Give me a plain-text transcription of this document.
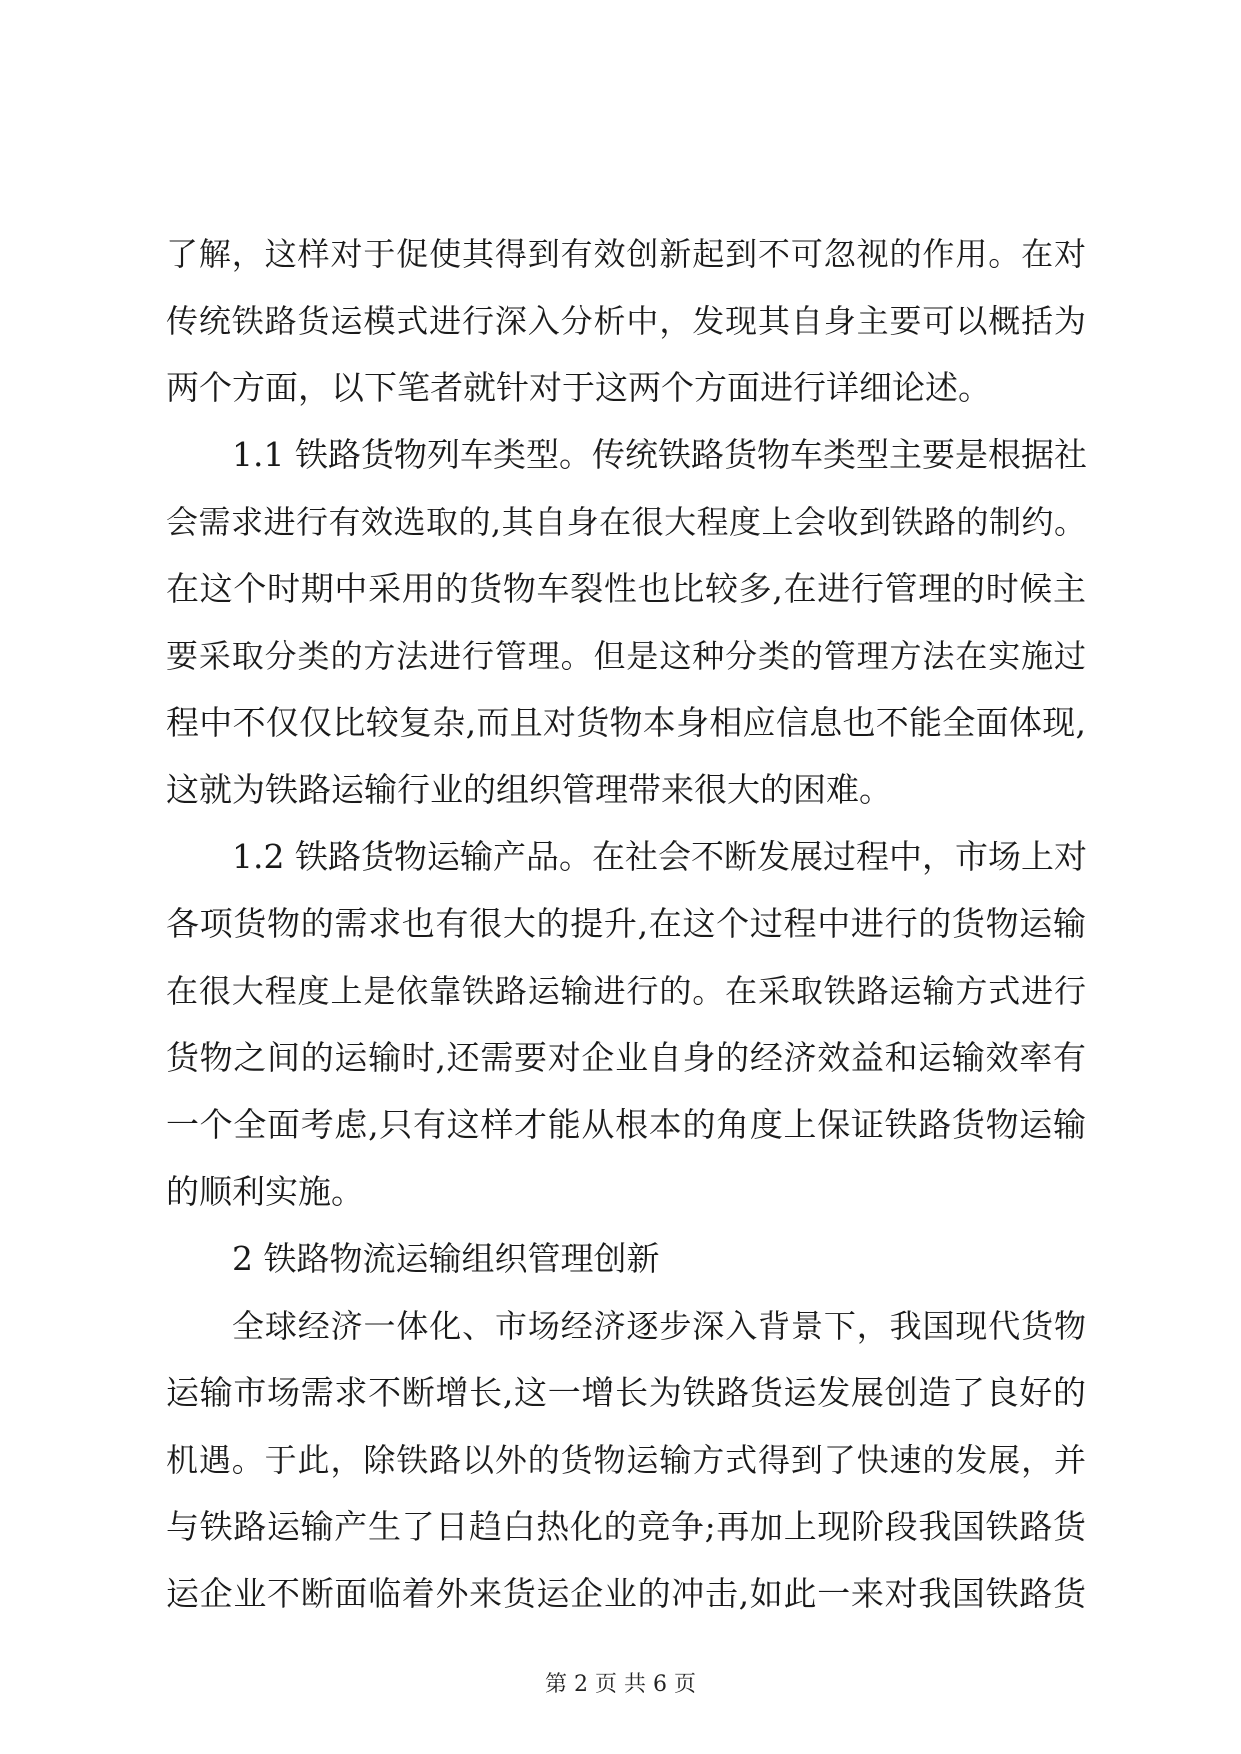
了解，这样对于促使其得到有效创新起到不可忽视的作用。在对
传统铁路货运模式进行深入分析中，发现其自身主要可以概括为
两个方面，以下笔者就针对于这两个方面进行详细论述。
1.1 铁路货物列车类型。传统铁路货物车类型主要是根据社
会需求进行有效选取的,其自身在很大程度上会收到铁路的制约。
在这个时期中采用的货物车裂性也比较多,在进行管理的时候主
要采取分类的方法进行管理。但是这种分类的管理方法在实施过
程中不仅仅比较复杂,而且对货物本身相应信息也不能全面体现,
这就为铁路运输行业的组织管理带来很大的困难。
1.2 铁路货物运输产品。在社会不断发展过程中，市场上对
各项货物的需求也有很大的提升,在这个过程中进行的货物运输
在很大程度上是依靠铁路运输进行的。在采取铁路运输方式进行
货物之间的运输时,还需要对企业自身的经济效益和运输效率有
一个全面考虑,只有这样才能从根本的角度上保证铁路货物运输
的顺利实施。
2 铁路物流运输组织管理创新
全球经济一体化、市场经济逐步深入背景下，我国现代货物
运输市场需求不断增长,这一增长为铁路货运发展创造了良好的
机遇。于此，除铁路以外的货物运输方式得到了快速的发展，并
与铁路运输产生了日趋白热化的竞争;再加上现阶段我国铁路货
运企业不断面临着外来货运企业的冲击,如此一来对我国铁路货
第 2 页 共 6 页
